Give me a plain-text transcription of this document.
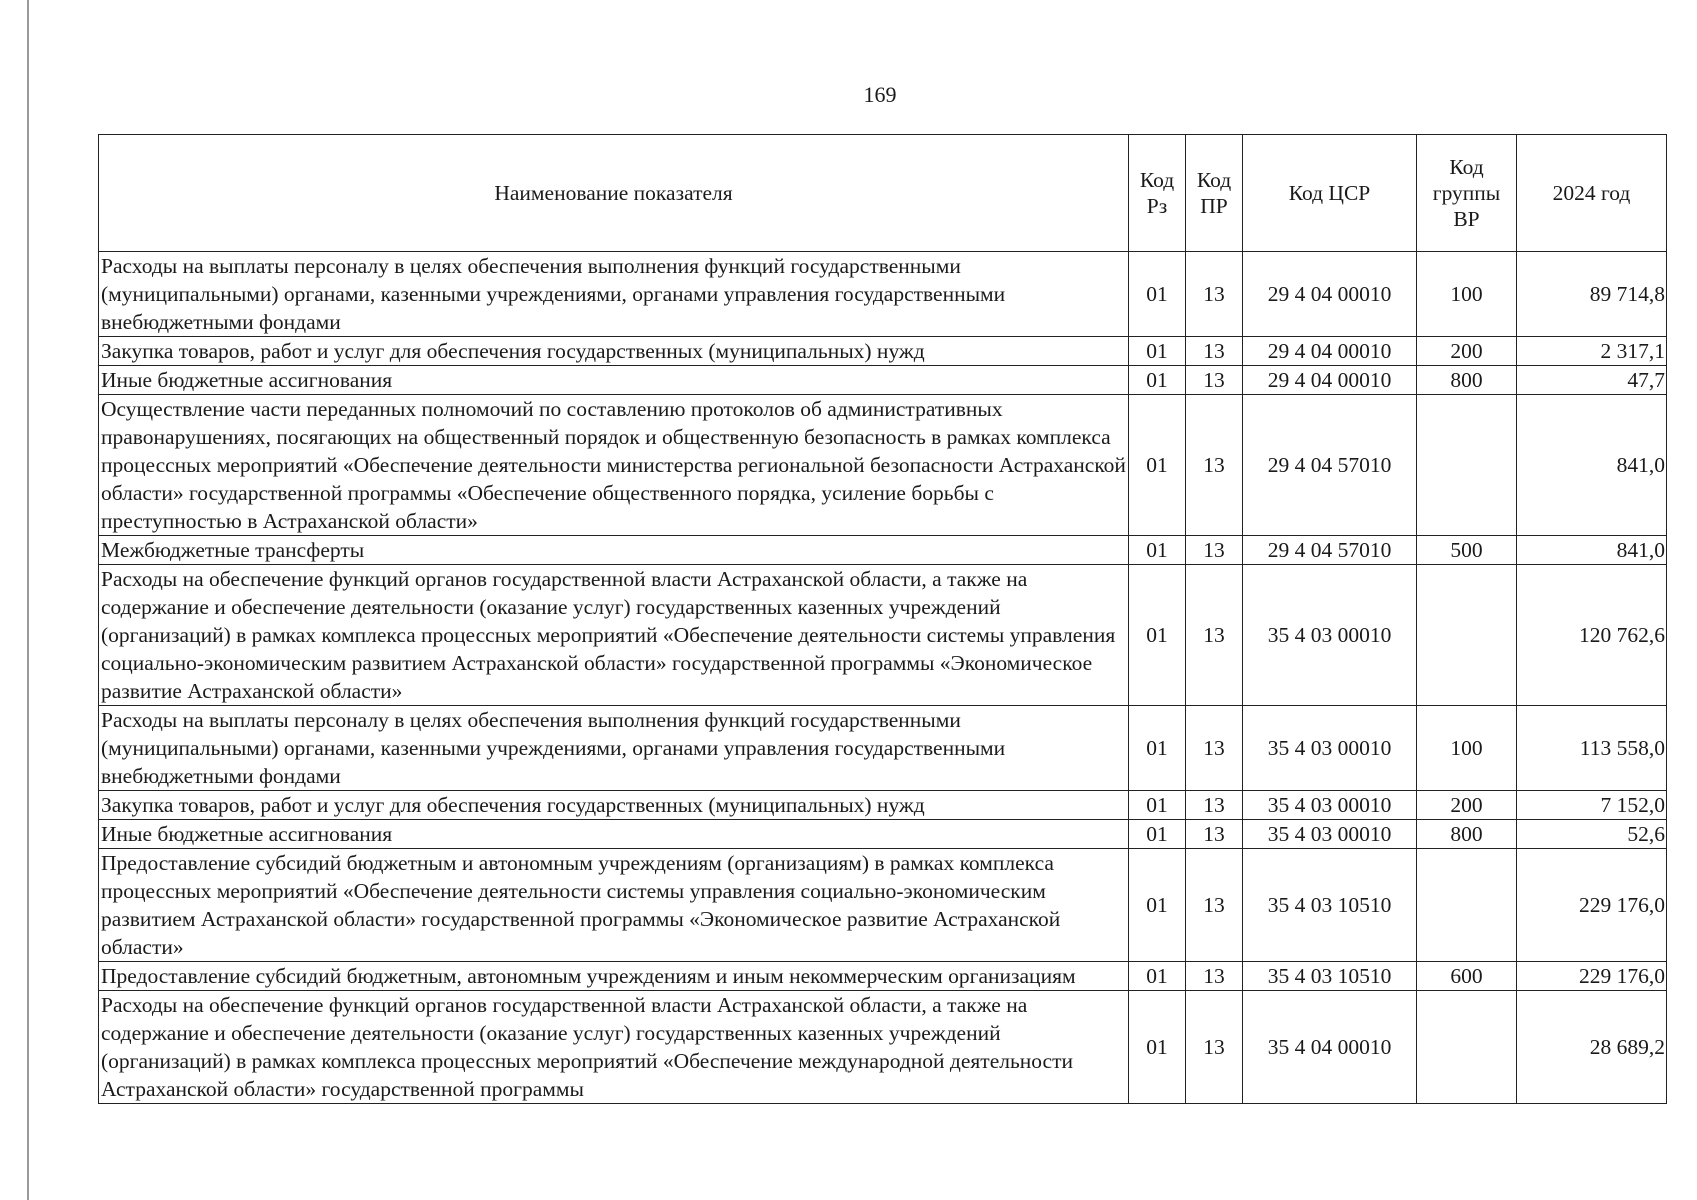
169
Наименование показателя	Код Рз	Код ПР	Код ЦСР	Код группы ВР	2024 год
Расходы на выплаты персоналу в целях обеспечения выполнения функций государственными (муниципальными) органами, казенными учреждениями, органами управления государственными внебюджетными фондами	01	13	29 4 04 00010	100	89 714,8
Закупка товаров, работ и услуг для обеспечения государственных (муниципальных) нужд	01	13	29 4 04 00010	200	2 317,1
Иные бюджетные ассигнования	01	13	29 4 04 00010	800	47,7
Осуществление части переданных полномочий по составлению протоколов об административных правонарушениях, посягающих на общественный порядок и общественную безопасность в рамках комплекса процессных мероприятий «Обеспечение деятельности министерства региональной безопасности Астраханской области» государственной программы «Обеспечение общественного порядка, усиление борьбы с преступностью в Астраханской области»	01	13	29 4 04 57010		841,0
Межбюджетные трансферты	01	13	29 4 04 57010	500	841,0
Расходы на обеспечение функций органов государственной власти Астраханской области, а также на содержание и обеспечение деятельности (оказание услуг) государственных казенных учреждений (организаций) в рамках комплекса процессных мероприятий «Обеспечение деятельности системы управления социально-экономическим развитием Астраханской области» государственной программы «Экономическое развитие Астраханской области»	01	13	35 4 03 00010		120 762,6
Расходы на выплаты персоналу в целях обеспечения выполнения функций государственными (муниципальными) органами, казенными учреждениями, органами управления государственными внебюджетными фондами	01	13	35 4 03 00010	100	113 558,0
Закупка товаров, работ и услуг для обеспечения государственных (муниципальных) нужд	01	13	35 4 03 00010	200	7 152,0
Иные бюджетные ассигнования	01	13	35 4 03 00010	800	52,6
Предоставление субсидий бюджетным и автономным учреждениям (организациям) в рамках комплекса процессных мероприятий «Обеспечение деятельности системы управления социально-экономическим развитием Астраханской области» государственной программы «Экономическое развитие Астраханской области»	01	13	35 4 03 10510		229 176,0
Предоставление субсидий бюджетным, автономным учреждениям и иным некоммерческим организациям	01	13	35 4 03 10510	600	229 176,0
Расходы на обеспечение функций органов государственной власти Астраханской области, а также на содержание и обеспечение деятельности (оказание услуг) государственных казенных учреждений (организаций) в рамках комплекса процессных мероприятий «Обеспечение международной деятельности Астраханской области» государственной программы	01	13	35 4 04 00010		28 689,2
